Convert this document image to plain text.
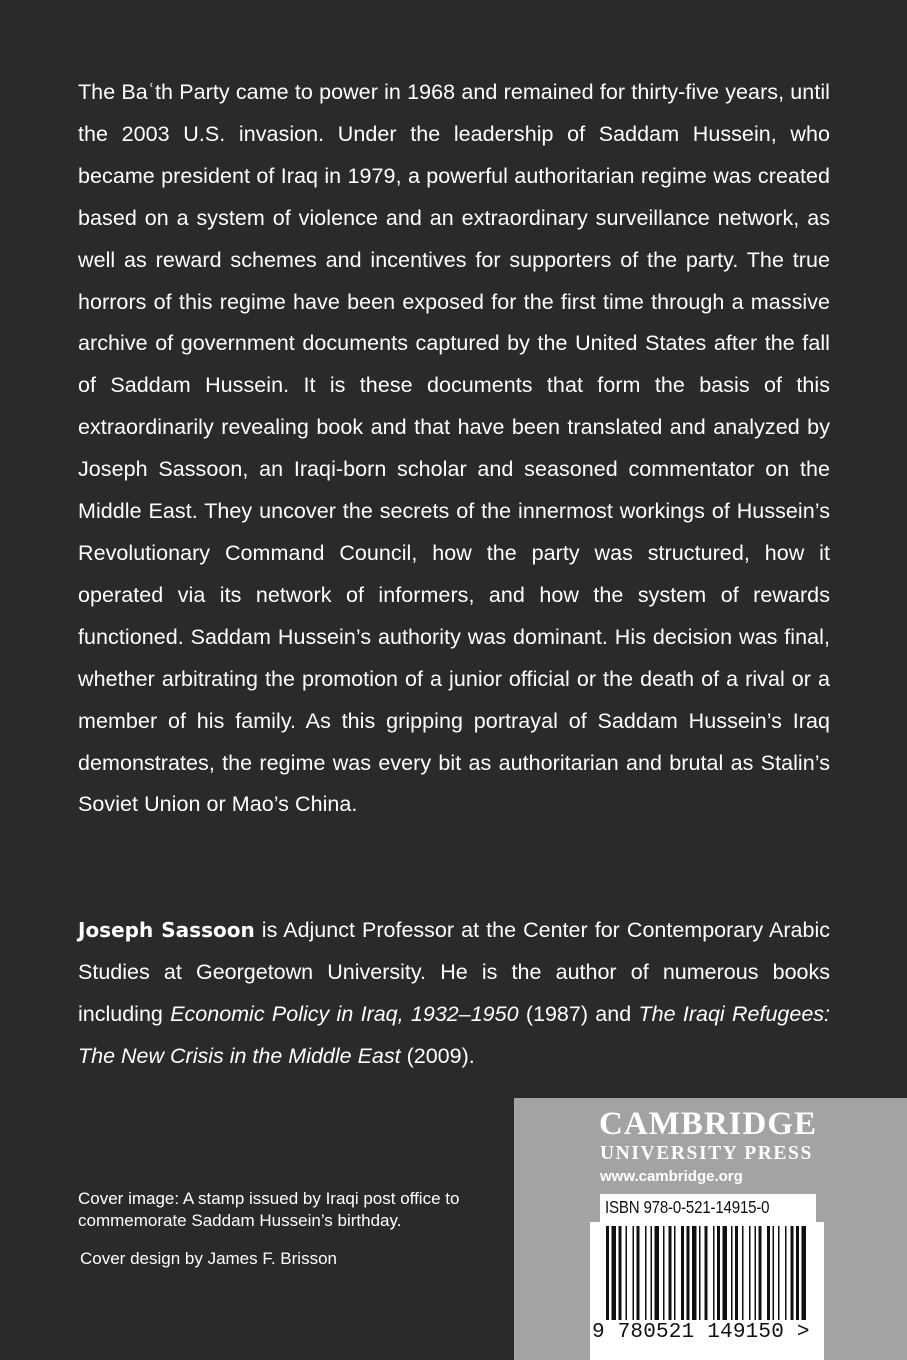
The Baʿth Party came to power in 1968 and remained for thirty-five years, until the 2003 U.S. invasion. Under the leadership of Saddam Hussein, who became president of Iraq in 1979, a powerful authoritarian regime was created based on a system of violence and an extraordinary surveillance network, as well as reward schemes and incentives for supporters of the party. The true horrors of this regime have been exposed for the first time through a massive archive of government documents captured by the United States after the fall of Saddam Hussein. It is these documents that form the basis of this extraordinarily revealing book and that have been translated and analyzed by Joseph Sassoon, an Iraqi-born scholar and seasoned commentator on the Middle East. They uncover the secrets of the innermost workings of Hussein’s Revolutionary Command Council, how the party was structured, how it operated via its network of informers, and how the system of rewards functioned. Saddam Hussein’s authority was dominant. His decision was final, whether arbitrating the promotion of a junior official or the death of a rival or a member of his family. As this gripping portrayal of Saddam Hussein’s Iraq demonstrates, the regime was every bit as authoritarian and brutal as Stalin’s Soviet Union or Mao’s China.
Joseph Sassoon is Adjunct Professor at the Center for Contemporary Arabic Studies at Georgetown University. He is the author of numerous books including Economic Policy in Iraq, 1932–1950 (1987) and The Iraqi Refugees: The New Crisis in the Middle East (2009).

Cover image: A stamp issued by Iraqi post office to commemorate Saddam Hussein’s birthday.

Cover design by James F. Brisson

CAMBRIDGE
UNIVERSITY PRESS
www.cambridge.org
ISBN 978-0-521-14915-0
9 780521 149150 >
